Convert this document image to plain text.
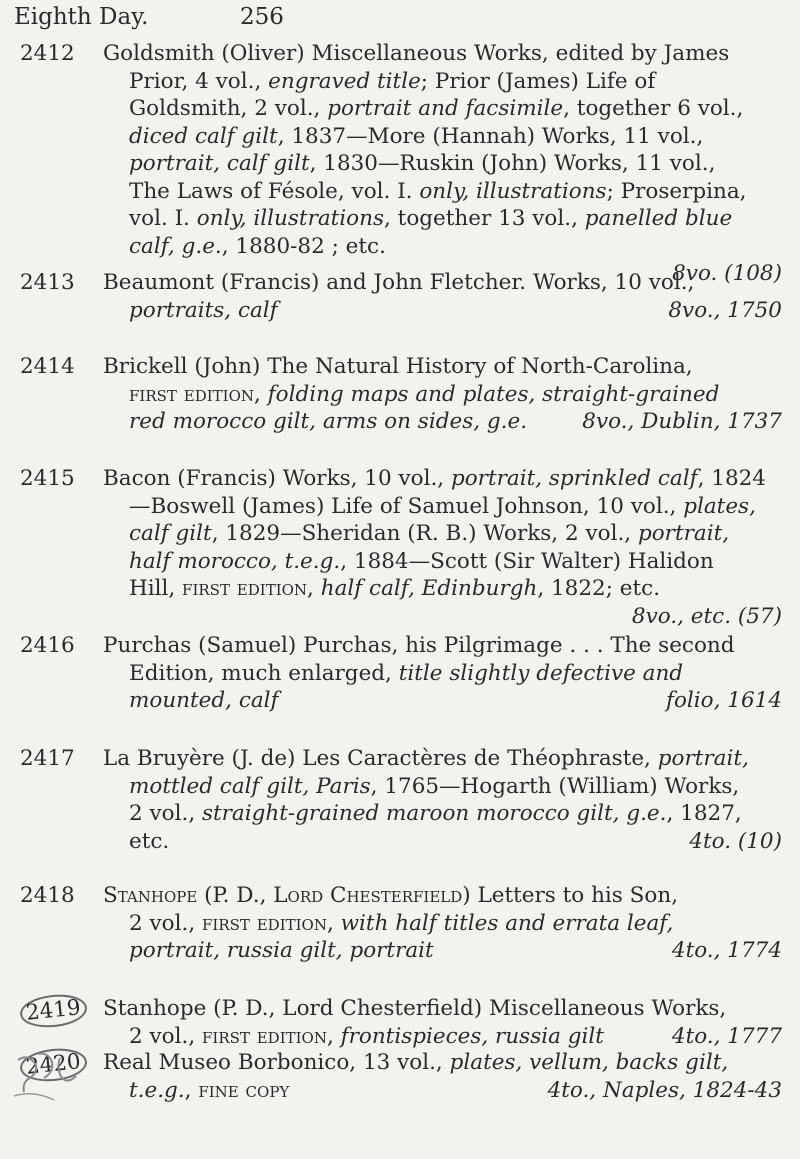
Eighth Day.	256
2412 Goldsmith (Oliver) Miscellaneous Works, edited by James
Prior, 4 vol., engraved title; Prior (James) Life of
Goldsmith, 2 vol., portrait and facsimile, together 6 vol.,
diced calf gilt, 1837—More (Hannah) Works, 11 vol.,
portrait, calf gilt, 1830—Ruskin (John) Works, 11 vol.,
The Laws of Fésole, vol. I. only, illustrations; Proserpina,
vol. I. only, illustrations, together 13 vol., panelled blue
calf, g.e., 1880-82 ; etc.
8vo. (108)
2413 Beaumont (Francis) and John Fletcher. Works, 10 vol.,
portraits, calf	8vo., 1750
2414 Brickell (John) The Natural History of North-Carolina,
first edition, folding maps and plates, straight-grained
red morocco gilt, arms on sides, g.e.	8vo., Dublin, 1737
2415 Bacon (Francis) Works, 10 vol., portrait, sprinkled calf, 1824
—Boswell (James) Life of Samuel Johnson, 10 vol., plates,
calf gilt, 1829—Sheridan (R. B.) Works, 2 vol., portrait,
half morocco, t.e.g., 1884—Scott (Sir Walter) Halidon
Hill, first edition, half calf, Edinburgh, 1822; etc.
8vo., etc. (57)
2416 Purchas (Samuel) Purchas, his Pilgrimage . . . The second
Edition, much enlarged, title slightly defective and
mounted, calf	folio, 1614
2417 La Bruyère (J. de) Les Caractères de Théophraste, portrait,
mottled calf gilt, Paris, 1765—Hogarth (William) Works,
2 vol., straight-grained maroon morocco gilt, g.e., 1827,
etc.	4to. (10)
2418 Stanhope (P. D., Lord Chesterfield) Letters to his Son,
2 vol., first edition, with half titles and errata leaf,
portrait, russia gilt, portrait	4to., 1774
2419 Stanhope (P. D., Lord Chesterfield) Miscellaneous Works,
2 vol., first edition, frontispieces, russia gilt	4to., 1777
2420 Real Museo Borbonico, 13 vol., plates, vellum, backs gilt,
t.e.g., fine copy	4to., Naples, 1824-43
